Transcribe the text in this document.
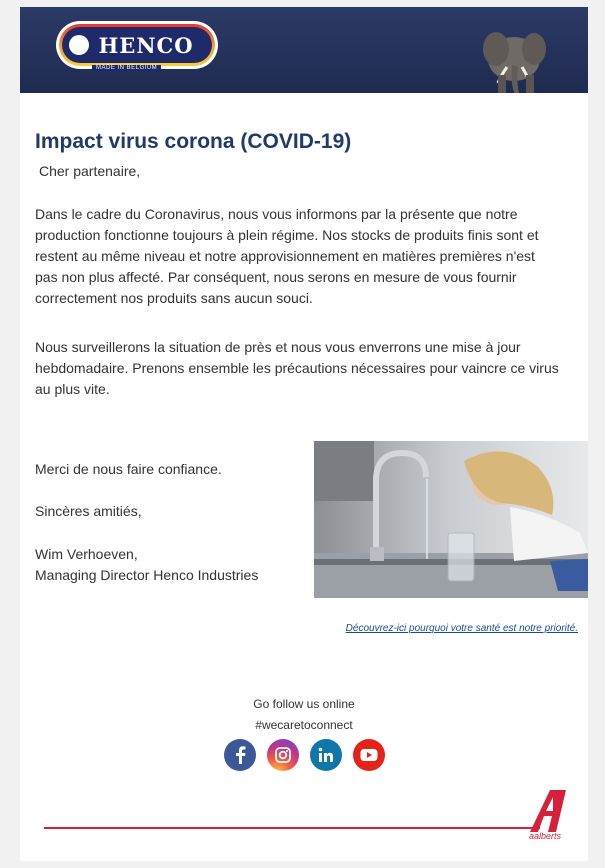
HENCO
MADE IN BELGIUM
Impact virus corona (COVID-19)

Cher partenaire,

Dans le cadre du Coronavirus, nous vous informons par la présente que notre production fonctionne toujours à plein régime. Nos stocks de produits finis sont et restent au même niveau et notre approvisionnement en matières premières n'est pas non plus affecté. Par conséquent, nous serons en mesure de vous fournir correctement nos produits sans aucun souci.

Nous surveillerons la situation de près et nous vous enverrons une mise à jour hebdomadaire. Prenons ensemble les précautions nécessaires pour vaincre ce virus au plus vite.

Merci de nous faire confiance.

Sincères amitiés,

Wim Verhoeven,
Managing Director Henco Industries

Découvrez-ici pourquoi votre santé est notre priorité.

Go follow us online

#wecaretoconnect

aalberts
